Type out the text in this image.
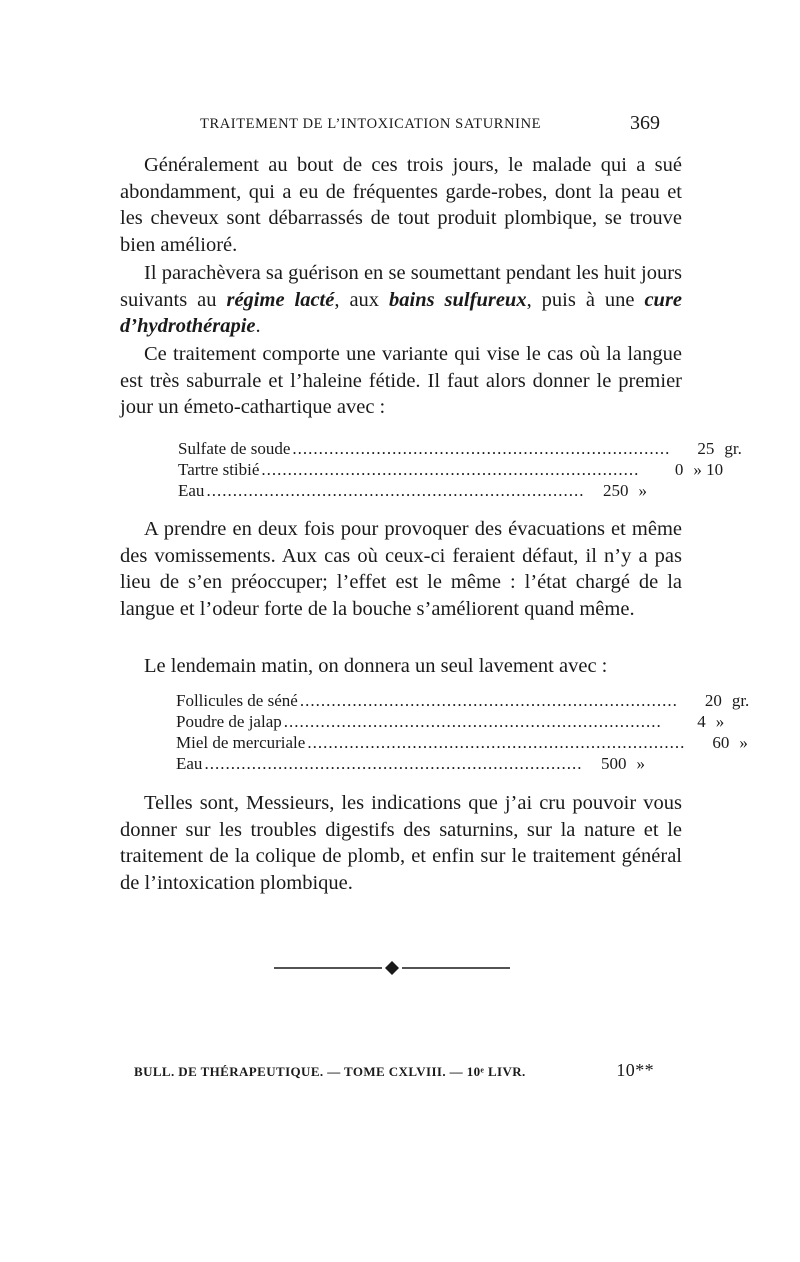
TRAITEMENT DE L’INTOXICATION SATURNINE	369

Généralement au bout de ces trois jours, le malade qui a sué abondamment, qui a eu de fréquentes garde-robes, dont la peau et les cheveux sont débarrassés de tout produit plombique, se trouve bien amélioré.

Il parachèvera sa guérison en se soumettant pendant les huit jours suivants au régime lacté, aux bains sulfureux, puis à une cure d’hydrothérapie.

Ce traitement comporte une variante qui vise le cas où la langue est très saburrale et l’haleine fétide. Il faut alors donner le premier jour un émeto-cathartique avec :

Sulfate de soude ........................................................................	25 gr.
Tartre stibié ........................................................................	0 » 10
Eau ........................................................................	250 »

A prendre en deux fois pour provoquer des évacuations et même des vomissements. Aux cas où ceux-ci feraient défaut, il n’y a pas lieu de s’en préoccuper; l’effet est le même : l’état chargé de la langue et l’odeur forte de la bouche s’améliorent quand même.

Le lendemain matin, on donnera un seul lavement avec :

Follicules de séné ........................................................................	20 gr.
Poudre de jalap ........................................................................	4 »
Miel de mercuriale ........................................................................	60 »
Eau ........................................................................	500 »

Telles sont, Messieurs, les indications que j’ai cru pouvoir vous donner sur les troubles digestifs des saturnins, sur la nature et le traitement de la colique de plomb, et enfin sur le traitement général de l’intoxication plombique.

BULL. DE THÉRAPEUTIQUE. — TOME CXLVIII. — 10ᵉ LIVR.	10**
